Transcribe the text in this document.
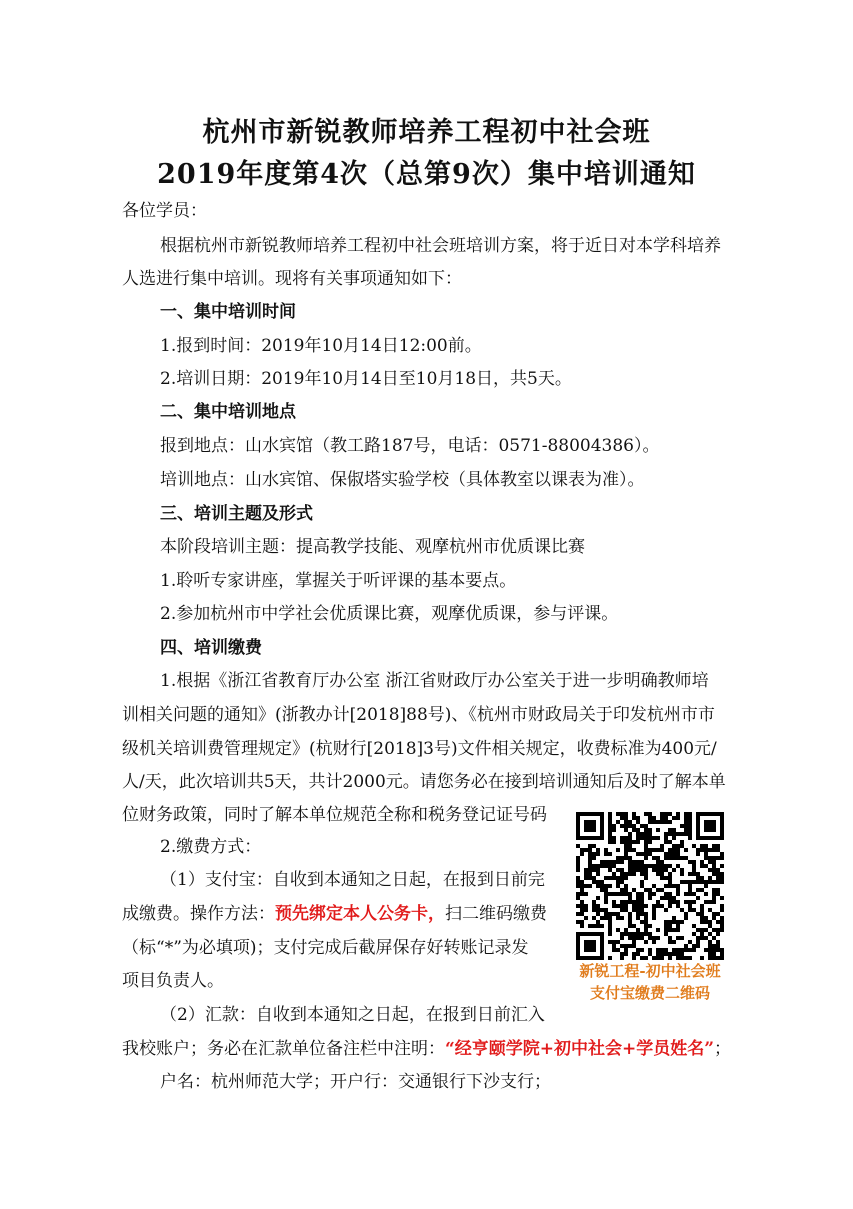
杭州市新锐教师培养工程初中社会班
2019年度第4次（总第9次）集中培训通知
各位学员：
根据杭州市新锐教师培养工程初中社会班培训方案，将于近日对本学科培养
人选进行集中培训。现将有关事项通知如下：
一、集中培训时间
1.报到时间：2019年10月14日12:00前。
2.培训日期：2019年10月14日至10月18日，共5天。
二、集中培训地点
报到地点：山水宾馆（教工路187号，电话：0571-88004386）。
培训地点：山水宾馆、保俶塔实验学校（具体教室以课表为准）。
三、培训主题及形式
本阶段培训主题：提高教学技能、观摩杭州市优质课比赛
1.聆听专家讲座，掌握关于听评课的基本要点。
2.参加杭州市中学社会优质课比赛，观摩优质课，参与评课。
四、培训缴费
1.根据《浙江省教育厅办公室 浙江省财政厅办公室关于进一步明确教师培
训相关问题的通知》(浙教办计[2018]88号)、《杭州市财政局关于印发杭州市市
级机关培训费管理规定》(杭财行[2018]3号)文件相关规定，收费标准为400元/
人/天，此次培训共5天，共计2000元。请您务必在接到培训通知后及时了解本单
位财务政策，同时了解本单位规范全称和税务登记证号码
2.缴费方式：
（1）支付宝：自收到本通知之日起，在报到日前完
成缴费。操作方法：预先绑定本人公务卡，扫二维码缴费
（标“*”为必填项)；支付完成后截屏保存好转账记录发
项目负责人。
（2）汇款：自收到本通知之日起，在报到日前汇入
我校账户；务必在汇款单位备注栏中注明：“经亨颐学院+初中社会+学员姓名”；
户名：杭州师范大学；开户行：交通银行下沙支行；
新锐工程-初中社会班
支付宝缴费二维码
